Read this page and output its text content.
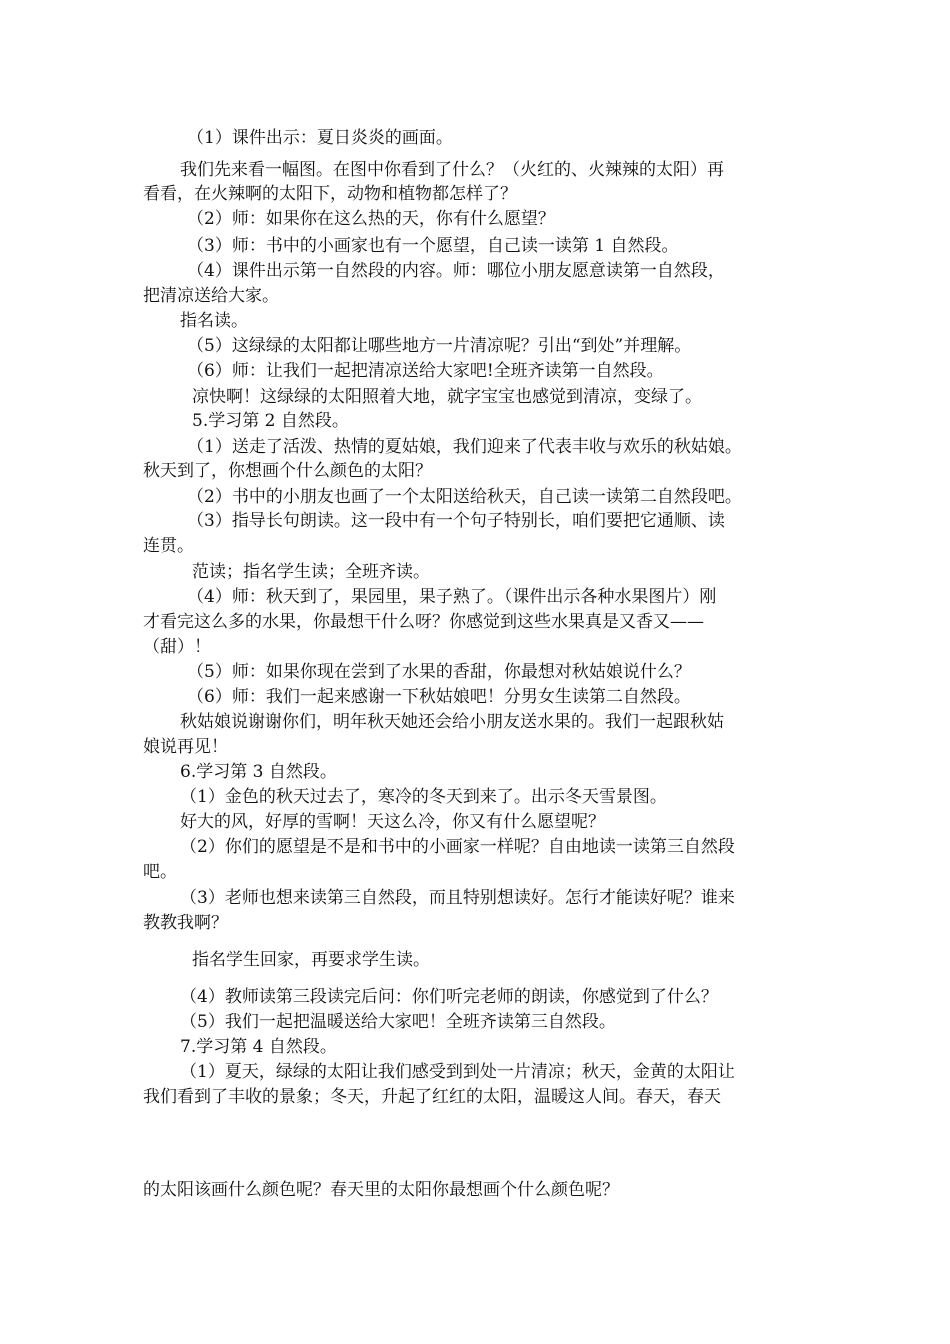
（1）课件出示：夏日炎炎的画面。
我们先来看一幅图。在图中你看到了什么？（火红的、火辣辣的太阳）再
看看，在火辣啊的太阳下，动物和植物都怎样了？
（2）师：如果你在这么热的天，你有什么愿望？
（3）师：书中的小画家也有一个愿望，自己读一读第 1 自然段。
（4）课件出示第一自然段的内容。师：哪位小朋友愿意读第一自然段，
把清凉送给大家。
指名读。
（5）这绿绿的太阳都让哪些地方一片清凉呢？引出“到处”并理解。
（6）师：让我们一起把清凉送给大家吧!全班齐读第一自然段。
凉快啊！这绿绿的太阳照着大地，就字宝宝也感觉到清凉，变绿了。
5.学习第 2 自然段。
（1）送走了活泼、热情的夏姑娘，我们迎来了代表丰收与欢乐的秋姑娘。
秋天到了，你想画个什么颜色的太阳？
（2）书中的小朋友也画了一个太阳送给秋天，自己读一读第二自然段吧。
（3）指导长句朗读。这一段中有一个句子特别长，咱们要把它通顺、读
连贯。
范读；指名学生读；全班齐读。
（4）师：秋天到了，果园里，果子熟了。（课件出示各种水果图片）刚
才看完这么多的水果，你最想干什么呀？你感觉到这些水果真是又香又——
（甜）！
（5）师：如果你现在尝到了水果的香甜，你最想对秋姑娘说什么？
（6）师：我们一起来感谢一下秋姑娘吧！分男女生读第二自然段。
秋姑娘说谢谢你们，明年秋天她还会给小朋友送水果的。我们一起跟秋姑
娘说再见！
6.学习第 3 自然段。
（1）金色的秋天过去了，寒冷的冬天到来了。出示冬天雪景图。
好大的风，好厚的雪啊！天这么冷，你又有什么愿望呢？
（2）你们的愿望是不是和书中的小画家一样呢？自由地读一读第三自然段
吧。
（3）老师也想来读第三自然段，而且特别想读好。怎行才能读好呢？谁来
教教我啊？
指名学生回家，再要求学生读。
（4）教师读第三段读完后问：你们听完老师的朗读，你感觉到了什么？
（5）我们一起把温暖送给大家吧！全班齐读第三自然段。
7.学习第 4 自然段。
（1）夏天，绿绿的太阳让我们感受到到处一片清凉；秋天，金黄的太阳让
我们看到了丰收的景象；冬天，升起了红红的太阳，温暖这人间。春天，春天
的太阳该画什么颜色呢？春天里的太阳你最想画个什么颜色呢？
